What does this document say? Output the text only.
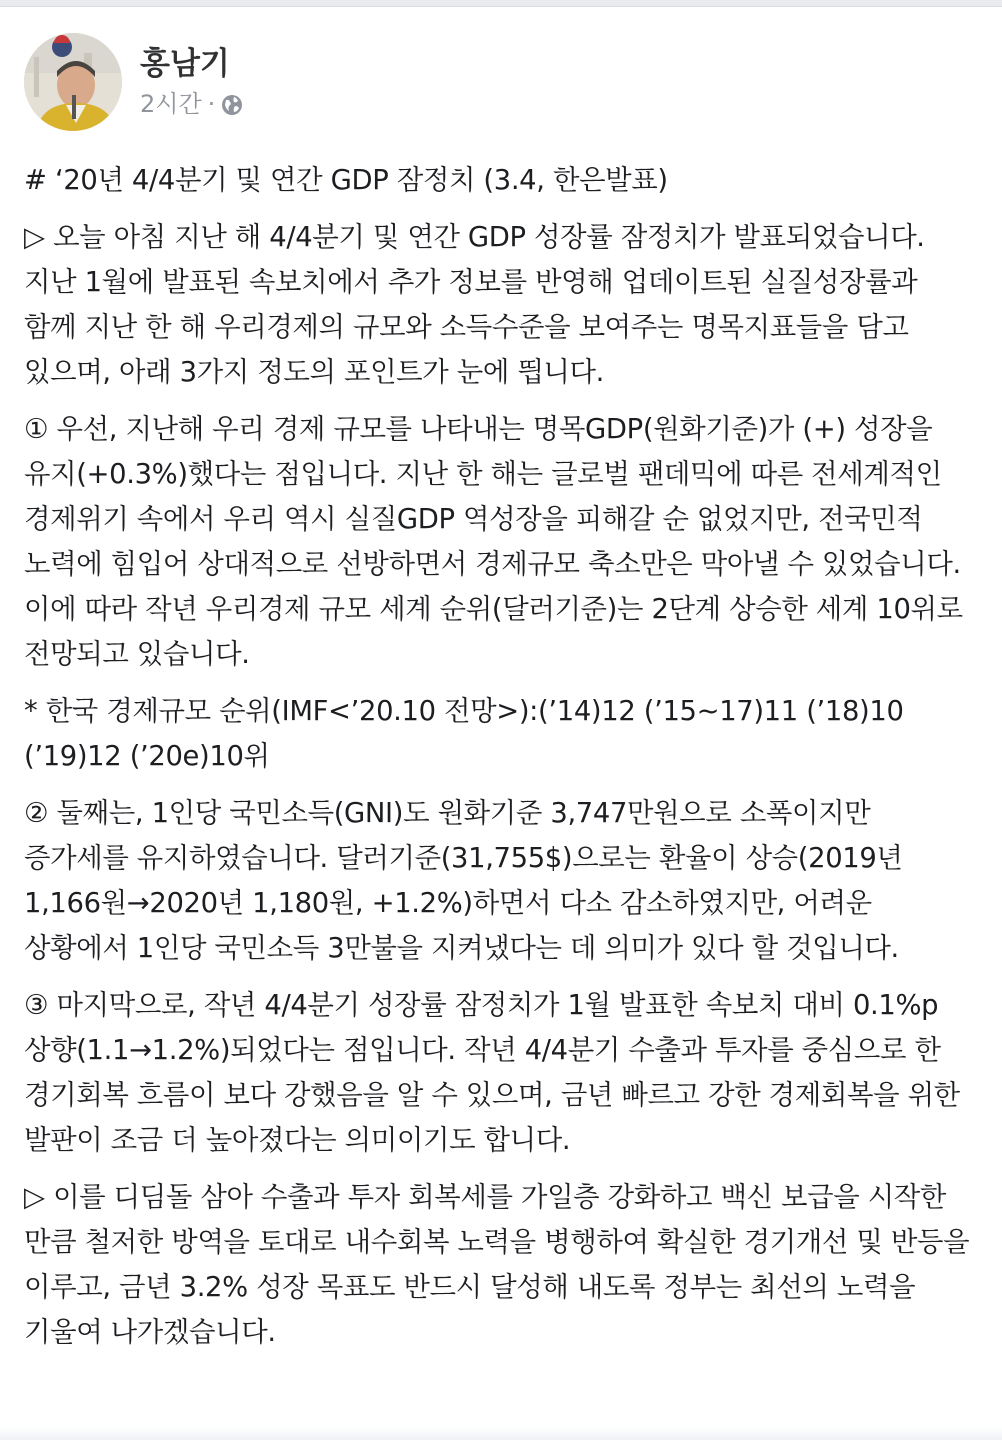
홍남기
2시간 ·

# ‘20년 4/4분기 및 연간 GDP 잠정치 (3.4, 한은발표)

▷ 오늘 아침 지난 해 4/4분기 및 연간 GDP 성장률 잠정치가 발표되었습니다. 지난 1월에 발표된 속보치에서 추가 정보를 반영해 업데이트된 실질성장률과 함께 지난 한 해 우리경제의 규모와 소득수준을 보여주는 명목지표들을 담고 있으며, 아래 3가지 정도의 포인트가 눈에 띕니다.

① 우선, 지난해 우리 경제 규모를 나타내는 명목GDP(원화기준)가 (+) 성장을 유지(+0.3%)했다는 점입니다. 지난 한 해는 글로벌 팬데믹에 따른 전세계적인 경제위기 속에서 우리 역시 실질GDP 역성장을 피해갈 순 없었지만, 전국민적 노력에 힘입어 상대적으로 선방하면서 경제규모 축소만은 막아낼 수 있었습니다. 이에 따라 작년 우리경제 규모 세계 순위(달러기준)는 2단계 상승한 세계 10위로 전망되고 있습니다.

* 한국 경제규모 순위(IMF<’20.10 전망>):(’14)12 (’15~17)11 (’18)10 (’19)12 (’20e)10위

② 둘째는, 1인당 국민소득(GNI)도 원화기준 3,747만원으로 소폭이지만 증가세를 유지하였습니다. 달러기준(31,755$)으로는 환율이 상승(2019년 1,166원→2020년 1,180원, +1.2%)하면서 다소 감소하였지만, 어려운 상황에서 1인당 국민소득 3만불을 지켜냈다는 데 의미가 있다 할 것입니다.

③ 마지막으로, 작년 4/4분기 성장률 잠정치가 1월 발표한 속보치 대비 0.1%p 상향(1.1→1.2%)되었다는 점입니다. 작년 4/4분기 수출과 투자를 중심으로 한 경기회복 흐름이 보다 강했음을 알 수 있으며, 금년 빠르고 강한 경제회복을 위한 발판이 조금 더 높아졌다는 의미이기도 합니다.

▷ 이를 디딤돌 삼아 수출과 투자 회복세를 가일층 강화하고 백신 보급을 시작한 만큼 철저한 방역을 토대로 내수회복 노력을 병행하여 확실한 경기개선 및 반등을 이루고, 금년 3.2% 성장 목표도 반드시 달성해 내도록 정부는 최선의 노력을 기울여 나가겠습니다.
